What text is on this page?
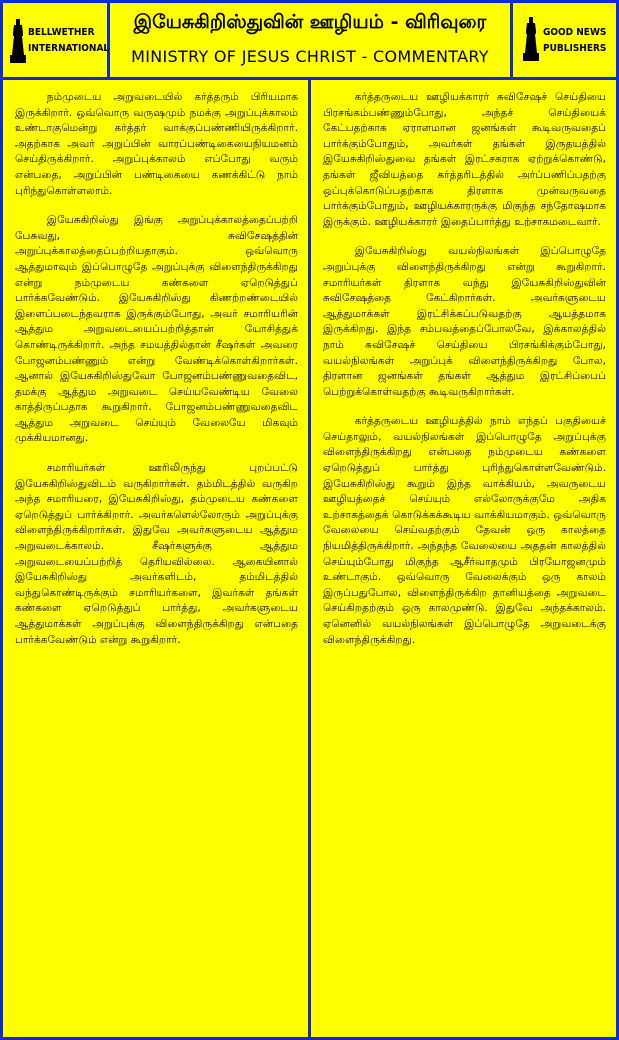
BELLWETHER
INTERNATIONAL
இயேசுகிறிஸ்துவின் ஊழியம் - விரிவுரை
MINISTRY OF JESUS CHRIST - COMMENTARY
GOOD NEWS
PUBLISHERS

நம்முடைய அறுவடையில் கர்த்தரும் பிரியமாக இருக்கிறார். ஒவ்வொரு வருஷமும் நமக்கு அறுப்புக்காலம் உண்டாகுமென்று கர்த்தர் வாக்குப்பண்ணியிருக்கிறார். அதற்காக அவர் அறுப்பின் வாரப்பண்டிகையைநியமனம் செய்திருக்கிறார். அறுப்புக்காலம் எப்போது வரும் என்பதை, அறுப்பின் பண்டிகையை கணக்கிட்டு நாம் புரிந்துகொள்ளலாம்.

இயேசுகிறிஸ்து இங்கு அறுப்புக்காலத்தைப்பற்றி பேசுவது, சுவிசேஷத்தின் அறுப்புக்காலத்தைப்பற்றியதாகும். ஒவ்வொரு ஆத்துமாவும் இப்பொழுதே அறுப்புக்கு விளைந்திருக்கிறது என்று நம்முடைய கண்களை ஏறெடுத்துப் பார்க்கவேண்டும். இயேசுகிறிஸ்து கிணற்றண்டையில் இளைப்படைந்தவராக இருக்கும்போது, அவர் சமாரியரின் ஆத்தும அறுவடையைப்பற்றித்தான் யோசித்துக் கொண்டிருக்கிறார். அந்த சமயத்தில்தான் சீஷர்கள் அவரை போஜனம்பண்ணும் என்று வேண்டிக்கொள்கிறார்கள். ஆனால் இயேசுகிறிஸ்துவோ போஜனம்பண்ணுவதைவிட, தமக்கு ஆத்தும அறுவடை செய்யவேண்டிய வேலை காத்திருப்பதாக கூறுகிறார். போஜனம்பண்ணுவதைவிட ஆத்தும அறுவடை செய்யும் வேலையே மிகவும் முக்கியமானது.

சமாரியர்கள் ஊரிலிருந்து புறப்பட்டு இயேசுகிறிஸ்துவிடம் வருகிறார்கள். தம்மிடத்தில் வருகிற அந்த சமாரியரை, இயேசுகிறிஸ்து, தம்முடைய கண்களை ஏறெடுத்துப் பார்க்கிறார். அவர்களெல்லோரும் அறுப்புக்கு விளைந்திருக்கிறார்கள். இதுவே அவர்களுடைய ஆத்தும அறுவடைக்காலம். சீஷர்களுக்கு ஆத்தும அறுவடையைப்பற்றித் தெரியவில்லை. ஆகையினால் இயேசுகிறிஸ்து அவர்களிடம், தம்மிடத்தில் வந்துகொண்டிருக்கும் சமாரியர்களை, இவர்கள் தங்கள் கண்களை ஏறெடுத்துப் பார்த்து, அவர்களுடைய ஆத்துமாக்கள் அறுப்புக்கு விளைந்திருக்கிறது என்பதை பார்க்கவேண்டும் என்று கூறுகிறார்.

கர்த்தருடைய ஊழியக்காரர் சுவிசேஷச் செய்தியை பிரசங்கம்பண்ணும்போது, அந்தச் செய்தியைக் கேட்பதற்காக ஏராளமான ஜனங்கள் கூடிவருவதைப் பார்க்கும்போதும், அவர்கள் தங்கள் இருதயத்தில் இயேசுகிறிஸ்துவை தங்கள் இரட்சகராக ஏற்றுக்கொண்டு, தங்கள் ஜீவியத்தை கர்த்தரிடத்தில் அர்ப்பணிப்பதற்கு ஒப்புக்கொடுப்பதற்காக திரளாக முன்வருவதை பார்க்கும்போதும், ஊழியக்காரருக்கு மிகுந்த சந்தோஷமாக இருக்கும். ஊழியக்காரர் இதைப்பார்த்து உற்சாகமடைவார்.

இயேசுகிறிஸ்து வயல்நிலங்கள் இப்பொழுதே அறுப்புக்கு விளைந்திருக்கிறது என்று கூறுகிறார். சமாரியர்கள் திரளாக வந்து இயேசுகிறிஸ்துவின் சுவிசேஷத்தை கேட்கிறார்கள். அவர்களுடைய ஆத்துமாக்கள் இரட்சிக்கப்படுவதற்கு ஆயத்தமாக இருக்கிறது. இந்த சம்பவத்தைப்போலவே, இக்காலத்தில் நாம் சுவிசேஷச் செய்தியை பிரசங்கிக்கும்போது, வயல்நிலங்கள் அறுப்புக் விளைந்திருக்கிறது போல, திரளான ஜனங்கள் தங்கள் ஆத்தும இரட்சிப்பைப் பெற்றுக்கொள்வதற்கு கூடிவருகிறார்கள்.

கர்த்தருடைய ஊழியத்தில் நாம் எந்தப் பகுதியைச் செய்தாலும், வயல்நிலங்கள் இப்பொழுதே அறுப்புக்கு விளைந்திருக்கிறது என்பதை நம்முடைய கண்களை ஏறெடுத்துப் பார்த்து புரிந்துகொள்ளவேண்டும். இயேசுகிறிஸ்து கூறும் இந்த வாக்கியம், அவருடைய ஊழியத்தைச் செய்யும் எல்லோருக்குமே அதிக உற்சாகத்தைக் கொடுக்கக்கூடிய வாக்கியமாகும். ஒவ்வொரு வேலையை செய்வதற்கும் தேவன் ஒரு காலத்தை நியமித்திருக்கிறார். அந்தந்த வேலையை அததன் காலத்தில் செய்யும்போது மிகுந்த ஆசீர்வாதமும் பிரயோஜனமும் உண்டாகும். ஒவ்வொரு வேலைக்கும் ஒரு காலம் இருப்பதுபோல, விளைந்திருக்கிற தானியத்தை அறுவடை செய்கிறதற்கும் ஒரு காலமுண்டு. இதுவே அந்தக்காலம். ஏனெனில் வயல்நிலங்கள் இப்பொழுதே அறுவடைக்கு விளைந்திருக்கிறது.
